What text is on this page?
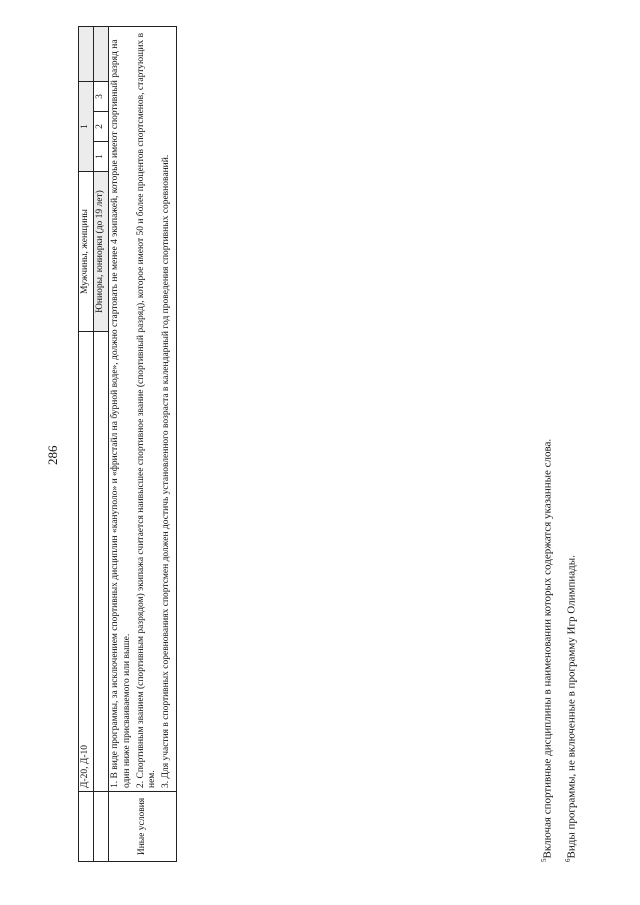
286
	Д-20, Д-10	Мужчины, женщины	1			
		Юниоры, юниорки (до 19 лет)	1	2	3	
Иные условия	1. В виде программы, за исключением спортивных дисциплин «кануполо» и «фристайл на бурной воде», должно стартовать не менее 4 экипажей, которые имеют спортивный разряд на один ниже присваиваемого или выше. 2. Спортивным званием (спортивным разрядом) экипажа считается наивысшее спортивное звание (спортивный разряд), которое имеют 50 и более процентов спортсменов, стартующих в нем. 3. Для участия в спортивных соревнованиях спортсмен должен достичь установленного возраста в календарный год проведения спортивных соревнований.					

$^5$Включая спортивные дисциплины в наименовании которых содержатся указанные слова.

$^6$Виды программы, не включенные в программу Игр Олимпиады.
